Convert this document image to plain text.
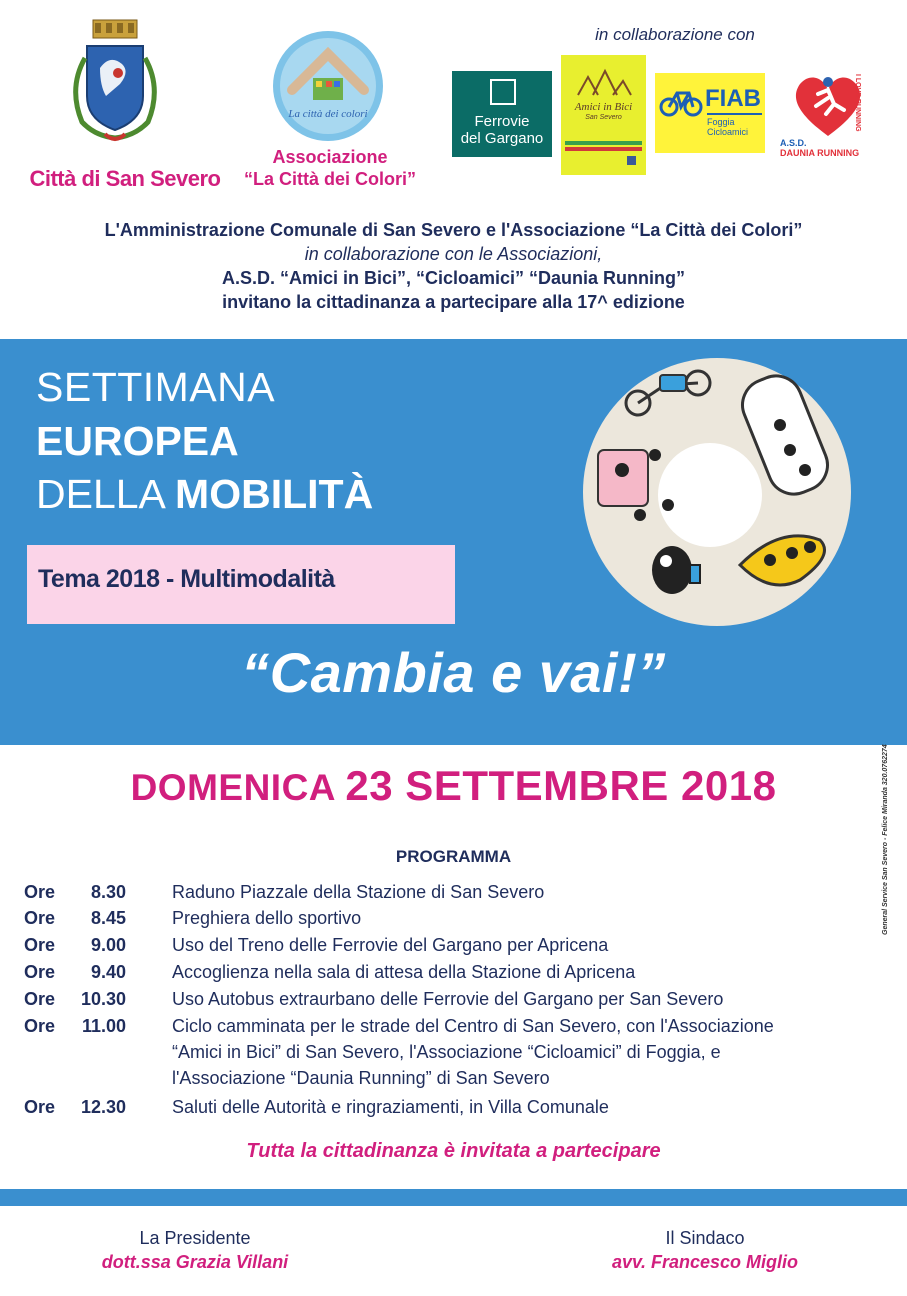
La città dei colori
Città di San Severo
Associazione
“La Città dei Colori”
in collaborazione con
Ferrovie
del Gargano
Amici in Bici
San Severo
FIAB
Foggia
Cicloamici
I LOVE RUNNING
A.S.D.
DAUNIA RUNNING
L'Amministrazione Comunale di San Severo e l'Associazione “La Città dei Colori”
in collaborazione con le Associazioni,
A.S.D. “Amici in Bici”, “Cicloamici” “Daunia Running”
invitano la cittadinanza a partecipare alla 17^ edizione
SETTIMANA
EUROPEA
DELLA MOBILITÀ
Tema 2018 - Multimodalità
“Cambia e vai!”
DOMENICA 23 SETTEMBRE 2018	General Service San Severo - Felice Miranda 320.0762274
PROGRAMMA
Ore 8.30	Raduno Piazzale della Stazione di San Severo
Ore 8.45	Preghiera dello sportivo
Ore 9.00	Uso del Treno delle Ferrovie del Gargano per Apricena
Ore 9.40	Accoglienza nella sala di attesa della Stazione di Apricena
Ore 10.30	Uso Autobus extraurbano delle Ferrovie del Gargano per San Severo
Ore 11.00	Ciclo camminata per le strade del Centro di San Severo, con l'Associazione
“Amici in Bici” di San Severo, l'Associazione “Cicloamici” di Foggia, e
l'Associazione “Daunia Running” di San Severo
Ore 12.30	Saluti delle Autorità e ringraziamenti, in Villa Comunale
Tutta la cittadinanza è invitata a partecipare
La Presidente
dott.ssa Grazia Villani
Il Sindaco
avv. Francesco Miglio
